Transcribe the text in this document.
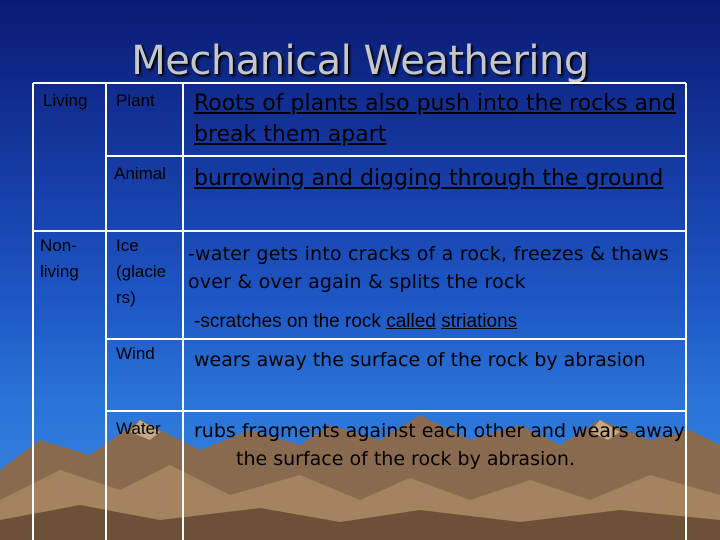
Mechanical Weathering
Living
Non-living
Plant
Animal
Ice (glacie rs)
Wind
Water
Roots of plants also push into the rocks and break them apart
burrowing and digging through the ground
-water gets into cracks of a rock, freezes & thaws over & over again & splits the rock
-scratches on the rock called striations
wears away the surface of the rock by abrasion
rubs fragments against each other and wears away the surface of the rock by abrasion.
